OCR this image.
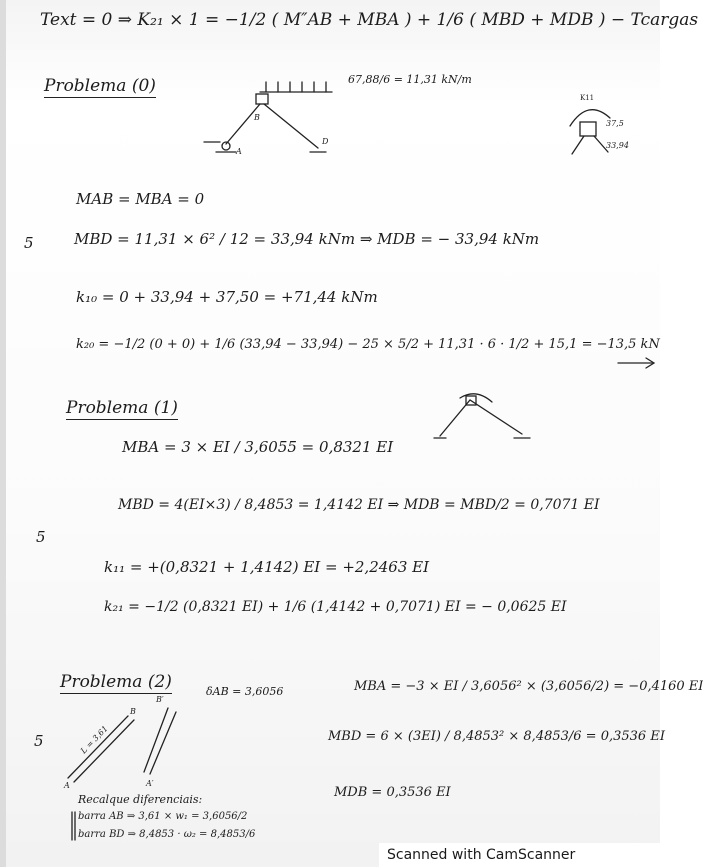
Text = 0 ⇒ K₂₁ × 1 = −1/2 ( M″AB + MBA ) + 1/6 ( MBD + MDB ) − Tcargas
Problema (0)	67,88/6 = 11,31 kN/m
MAB = MBA = 0
5	MBD = 11,31 × 6² / 12 = 33,94 kNm ⇒ MDB = − 33,94 kNm
k₁₀ = 0 + 33,94 + 37,50 = +71,44 kNm
k₂₀ = −1/2 (0 + 0) + 1/6 (33,94 − 33,94) − 25 × 5/2 + 11,31 · 6 · 1/2 + 15,1 = −13,5 kN
Problema (1)
MBA = 3 × EI / 3,6055 = 0,8321 EI
MBD = 4(EI×3) / 8,4853 = 1,4142 EI ⇒ MDB = MBD/2 = 0,7071 EI
5
k₁₁ = +(0,8321 + 1,4142) EI = +2,2463 EI
k₂₁ = −1/2 (0,8321 EI) + 1/6 (1,4142 + 0,7071) EI = − 0,0625 EI
Problema (2)	δAB = 3,6056	MBA = −3 × EI / 3,6056² × (3,6056/2) = −0,4160 EI
5	MBD = 6 × (3EI) / 8,4853² × 8,4853/6 = 0,3536 EI
MDB = 0,3536 EI
Recalque diferenciais:
barra AB ⇒ 3,61 × w₁ = 3,6056/2
barra BD ⇒ 8,4853 · ω₂ = 8,4853/6
A
B
D
K11
37,5
33,94
L = 3,61
A
B
B′
A′
Scanned with CamScanner
